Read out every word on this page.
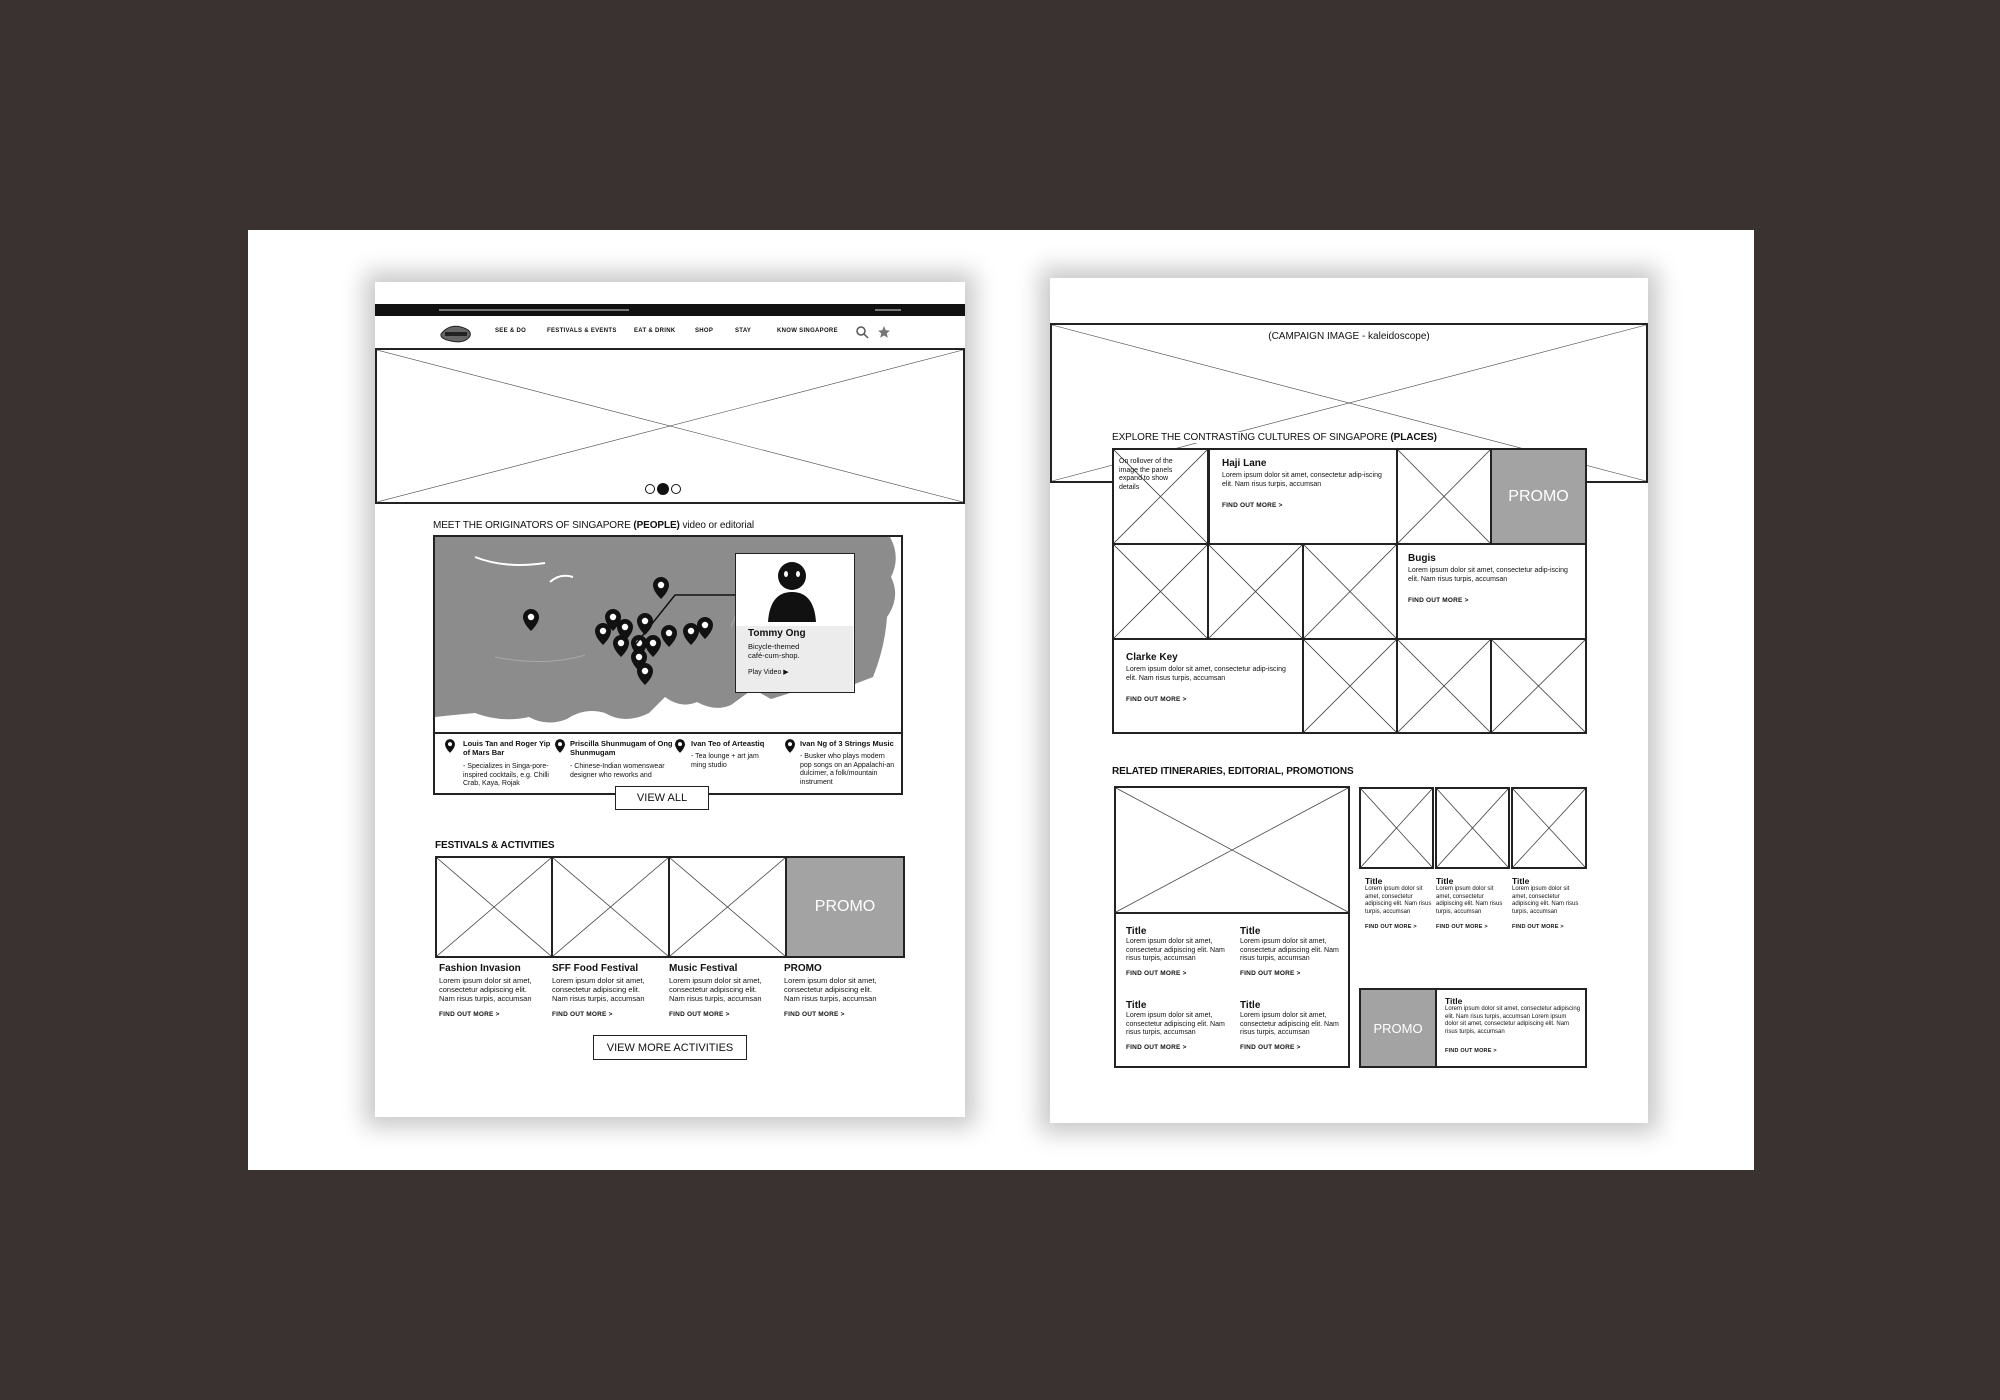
SEE & DO	FESTIVALS & EVENTS	EAT & DRINK	SHOP	STAY	KNOW SINGAPORE
MEET THE ORIGINATORS OF SINGAPORE (PEOPLE) video or editorial
Tommy Ong
Bicycle-themed café-cum-shop.
Play Video ▶
Louis Tan and Roger Yip of Mars Bar
- Specializes in Singa-pore-inspired cocktails, e.g. Chilli Crab, Kaya, Rojak
Priscilla Shunmugam of Ong Shunmugam
- Chinese-Indian womenswear designer who reworks and
Ivan Teo of Arteastiq
- Tea lounge + art jam ming studio
Ivan Ng of 3 Strings Music
- Busker who plays modern pop songs on an Appalachi-an dulcimer, a folk/mountain instrument
VIEW ALL
FESTIVALS & ACTIVITIES
PROMO
Fashion Invasion
Lorem ipsum dolor sit amet, consectetur adipiscing elit. Nam risus turpis, accumsan
FIND OUT MORE >
SFF Food Festival
Lorem ipsum dolor sit amet, consectetur adipiscing elit. Nam risus turpis, accumsan
FIND OUT MORE >
Music Festival
Lorem ipsum dolor sit amet, consectetur adipiscing elit. Nam risus turpis, accumsan
FIND OUT MORE >
PROMO
Lorem ipsum dolor sit amet, consectetur adipiscing elit. Nam risus turpis, accumsan
FIND OUT MORE >
VIEW MORE ACTIVITIES
(CAMPAIGN IMAGE - kaleidoscope)
EXPLORE THE CONTRASTING CULTURES OF SINGAPORE (PLACES)
On rollover of the image the panels expand to show details
Haji Lane
Lorem ipsum dolor sit amet, consectetur adip-iscing elit. Nam risus turpis, accumsan
FIND OUT MORE >
PROMO
Bugis
Lorem ipsum dolor sit amet, consectetur adip-iscing elit. Nam risus turpis, accumsan
FIND OUT MORE >
Clarke Key
Lorem ipsum dolor sit amet, consectetur adip-iscing elit. Nam risus turpis, accumsan
FIND OUT MORE >
RELATED ITINERARIES, EDITORIAL, PROMOTIONS
Title
Lorem ipsum dolor sit amet, consectetur adipiscing elit. Nam risus turpis, accumsan
FIND OUT MORE >
Title
Lorem ipsum dolor sit amet, consectetur adipiscing elit. Nam risus turpis, accumsan
FIND OUT MORE >
Title
Lorem ipsum dolor sit amet, consectetur adipiscing elit. Nam risus turpis, accumsan
FIND OUT MORE >
Title
Lorem ipsum dolor sit amet, consectetur adipiscing elit. Nam risus turpis, accumsan
FIND OUT MORE >
Title
Lorem ipsum dolor sit amet, consectetur adipiscing elit. Nam risus turpis, accumsan
FIND OUT MORE >
Title
Lorem ipsum dolor sit amet, consectetur adipiscing elit. Nam risus turpis, accumsan
FIND OUT MORE >
Title
Lorem ipsum dolor sit amet, consectetur adipiscing elit. Nam risus turpis, accumsan
FIND OUT MORE >
PROMO
Title
Lorem ipsum dolor sit amet, consectetur adipiscing elit. Nam risus turpis, accumsan Lorem ipsum dolor sit amet, consectetur adipiscing elit. Nam risus turpis, accumsan
FIND OUT MORE >
